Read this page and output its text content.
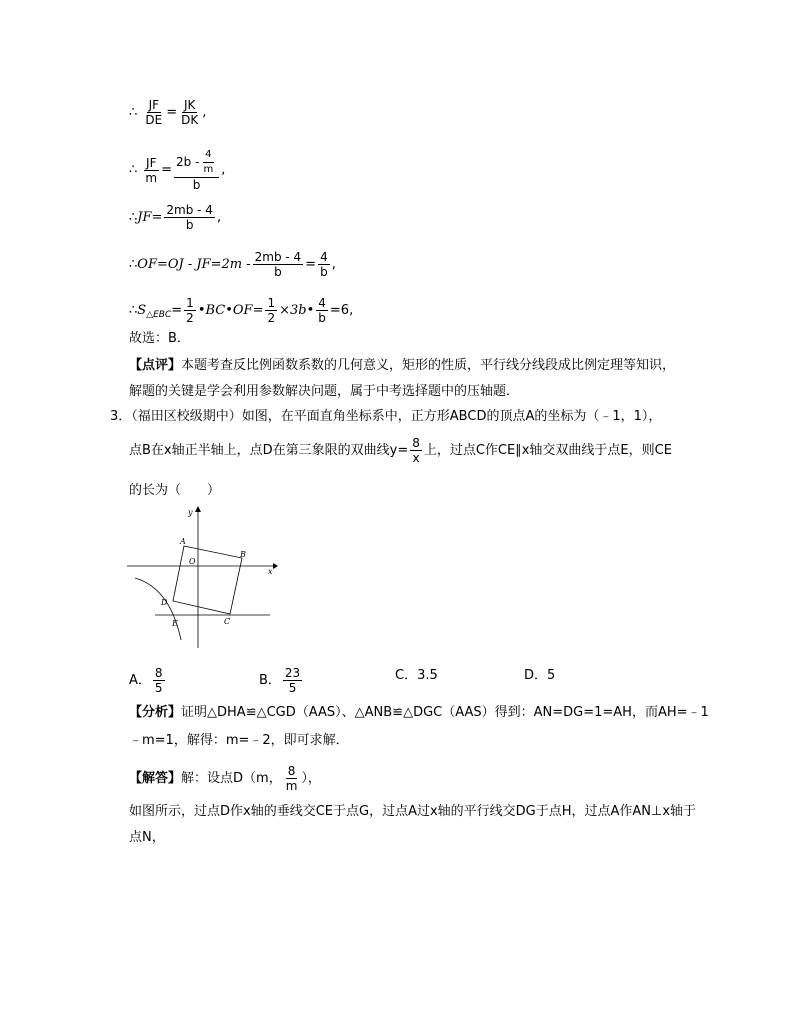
∴ $\frac{JF}{DE} = \frac{JK}{DK}$ ,
∴ $\frac{JF}{m} = \frac{2b - \frac{4}{m}}{b}$ ,
∴JF= $\frac{2mb - 4}{b}$ ,
∴OF=OJ - $JF=2m - \frac{2mb - 4}{b} = \frac{4}{b}$ ,
$\therefore S_{\triangle EBC}= \frac{1}{2}$ •BC•OF= $\frac{1}{2}$ ×3b• $\frac{4}{b} =6$,
故选：B．
【点评】本题考查反比例函数系数的几何意义，矩形的性质，平行线分线段成比例定理等知识，
解题的关键是学会利用参数解决问题，属于中考选择题中的压轴题．
3．（福田区校级期中）如图，在平面直角坐标系中，正方形ABCD的顶点A的坐标为（﹣1，1），
点B在x轴正半轴上，点D在第三象限的双曲线$y= \frac{8}{x}$ 上，过点C作CE∥x轴交双曲线于点E，则CE
的长为（　　）
y
x
A
B
O
D
E	C
A． $\frac{8}{5}$	B． $\frac{23}{5}$	C．3.5	D．5
【分析】证明△DHA≌△CGD（AAS）、△ANB≌△DGC（AAS）得到：AN=DG=1=AH，而AH=﹣1
﹣m=1，解得：m=﹣2，即可求解．
【解答】解：设点D（m， $\frac{8}{m}$ ），
如图所示，过点D作x轴的垂线交CE于点G，过点A过x轴的平行线交DG于点H，过点A作AN⊥x轴于
点N，
